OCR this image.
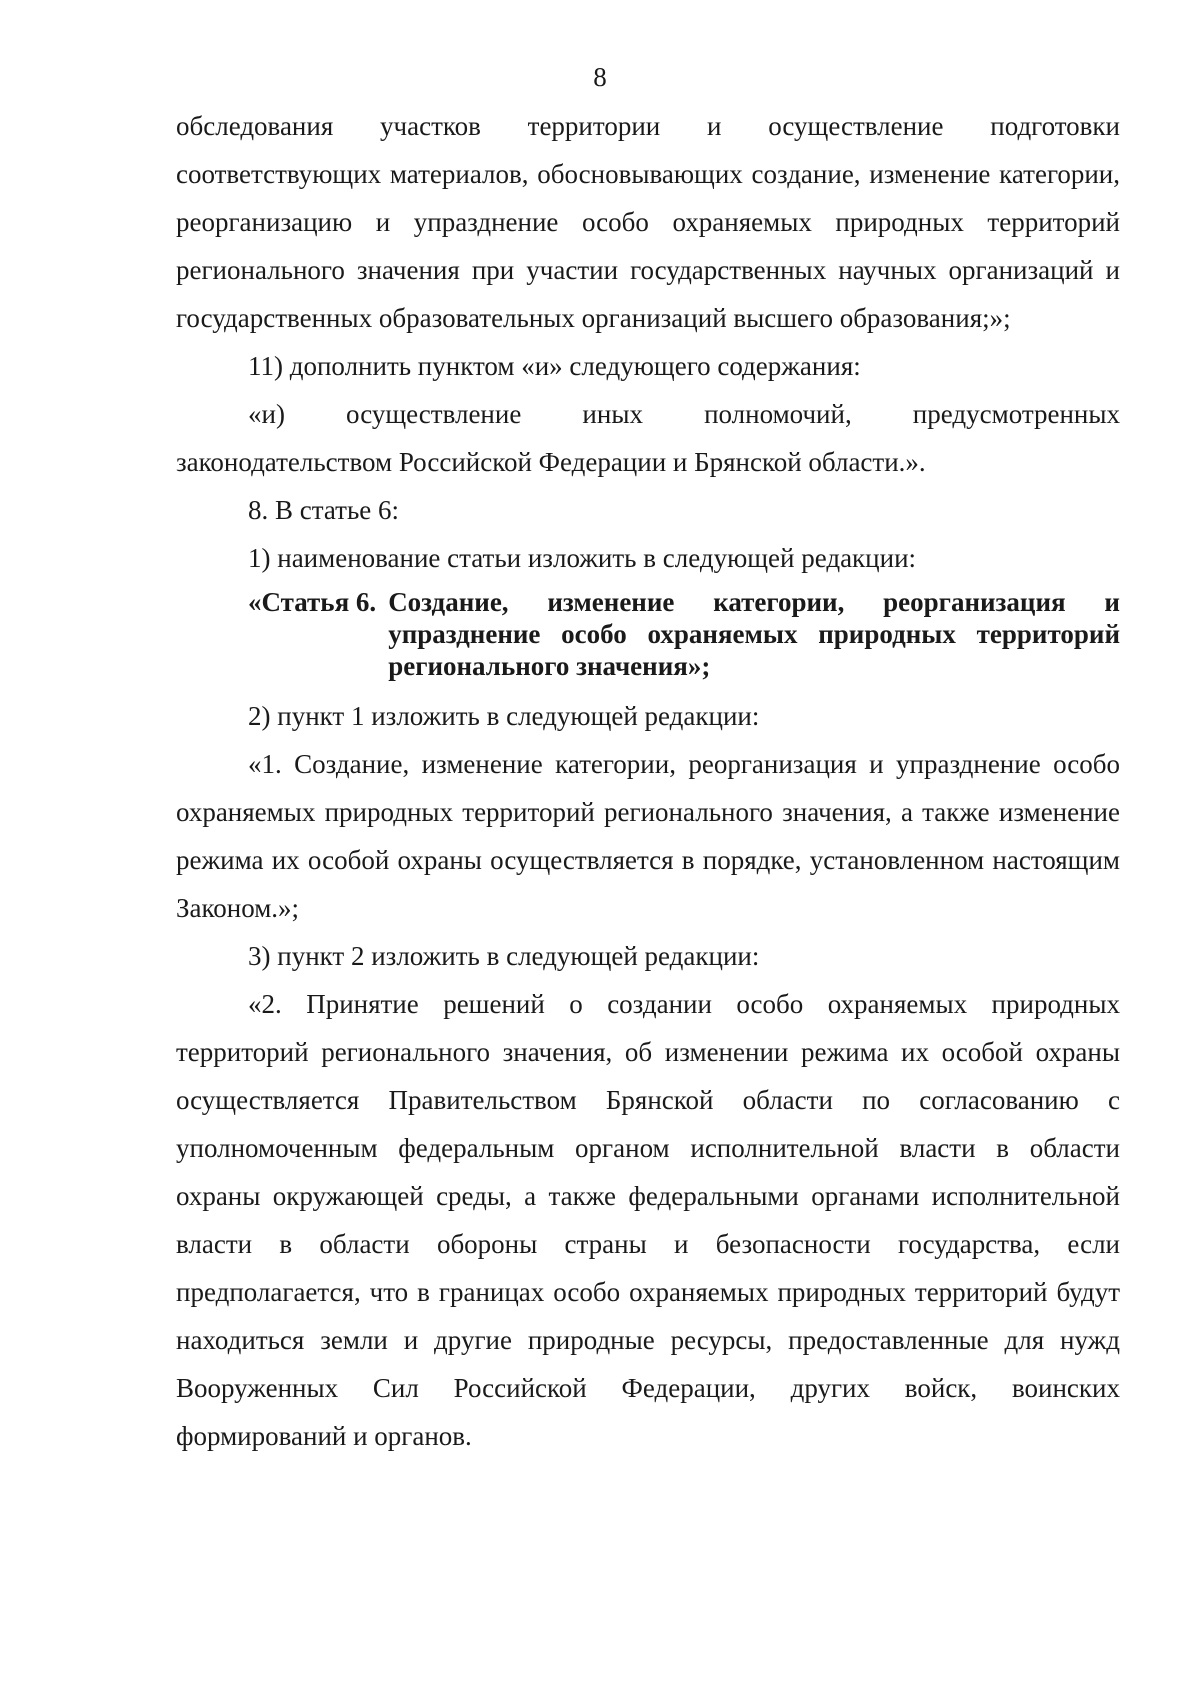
8

обследования участков территории и осуществление подготовки соответствующих материалов, обосновывающих создание, изменение категории, реорганизацию и упразднение особо охраняемых природных территорий регионального значения при участии государственных научных организаций и государственных образовательных организаций высшего образования;»;

11) дополнить пунктом «и» следующего содержания:

«и) осуществление иных полномочий, предусмотренных законодательством Российской Федерации и Брянской области.».

8. В статье 6:

1) наименование статьи изложить в следующей редакции:

«Статья 6. Создание, изменение категории, реорганизация и упразднение особо охраняемых природных территорий регионального значения»;

2) пункт 1 изложить в следующей редакции:

«1. Создание, изменение категории, реорганизация и упразднение особо охраняемых природных территорий регионального значения, а также изменение режима их особой охраны осуществляется в порядке, установленном настоящим Законом.»;

3) пункт 2 изложить в следующей редакции:

«2. Принятие решений о создании особо охраняемых природных территорий регионального значения, об изменении режима их особой охраны осуществляется Правительством Брянской области по согласованию с уполномоченным федеральным органом исполнительной власти в области охраны окружающей среды, а также федеральными органами исполнительной власти в области обороны страны и безопасности государства, если предполагается, что в границах особо охраняемых природных территорий будут находиться земли и другие природные ресурсы, предоставленные для нужд Вооруженных Сил Российской Федерации, других войск, воинских формирований и органов.
